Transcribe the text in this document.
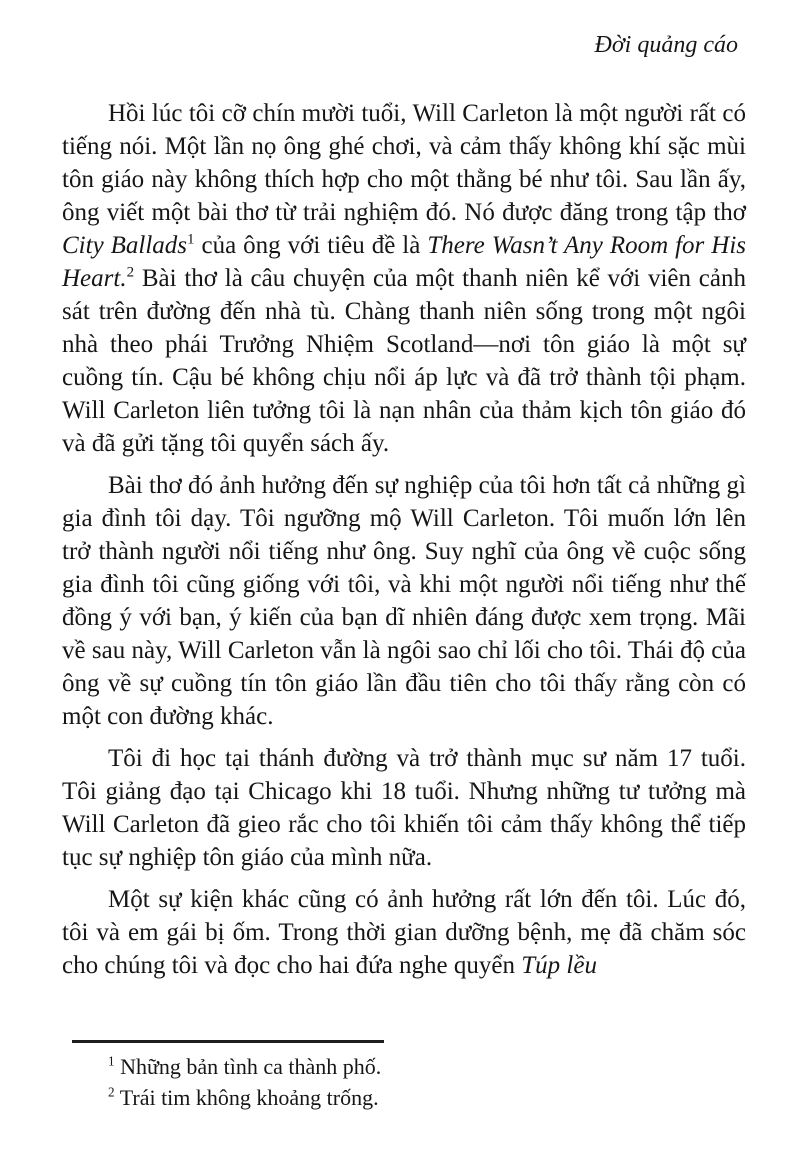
Đời quảng cáo

Hồi lúc tôi cỡ chín mười tuổi, Will Carleton là một người rất có tiếng nói. Một lần nọ ông ghé chơi, và cảm thấy không khí sặc mùi tôn giáo này không thích hợp cho một thằng bé như tôi. Sau lần ấy, ông viết một bài thơ từ trải nghiệm đó. Nó được đăng trong tập thơ City Ballads$^1$ của ông với tiêu đề là There Wasn’t Any Room for His Heart.$^2$ Bài thơ là câu chuyện của một thanh niên kể với viên cảnh sát trên đường đến nhà tù. Chàng thanh niên sống trong một ngôi nhà theo phái Trưởng Nhiệm Scotland—nơi tôn giáo là một sự cuồng tín. Cậu bé không chịu nổi áp lực và đã trở thành tội phạm. Will Carleton liên tưởng tôi là nạn nhân của thảm kịch tôn giáo đó và đã gửi tặng tôi quyển sách ấy.

Bài thơ đó ảnh hưởng đến sự nghiệp của tôi hơn tất cả những gì gia đình tôi dạy. Tôi ngưỡng mộ Will Carleton. Tôi muốn lớn lên trở thành người nổi tiếng như ông. Suy nghĩ của ông về cuộc sống gia đình tôi cũng giống với tôi, và khi một người nổi tiếng như thế đồng ý với bạn, ý kiến của bạn dĩ nhiên đáng được xem trọng. Mãi về sau này, Will Carleton vẫn là ngôi sao chỉ lối cho tôi. Thái độ của ông về sự cuồng tín tôn giáo lần đầu tiên cho tôi thấy rằng còn có một con đường khác.

Tôi đi học tại thánh đường và trở thành mục sư năm 17 tuổi. Tôi giảng đạo tại Chicago khi 18 tuổi. Nhưng những tư tưởng mà Will Carleton đã gieo rắc cho tôi khiến tôi cảm thấy không thể tiếp tục sự nghiệp tôn giáo của mình nữa.

Một sự kiện khác cũng có ảnh hưởng rất lớn đến tôi. Lúc đó, tôi và em gái bị ốm. Trong thời gian dưỡng bệnh, mẹ đã chăm sóc cho chúng tôi và đọc cho hai đứa nghe quyển Túp lều

$^1$ Những bản tình ca thành phố.

$^2$ Trái tim không khoảng trống.
